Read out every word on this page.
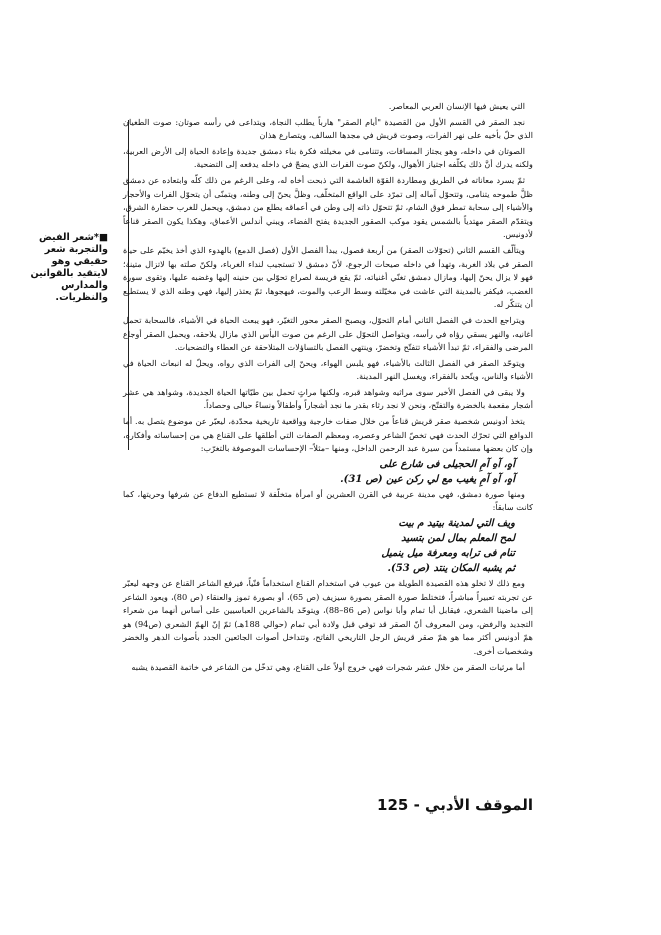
التي يعيش فيها الإنسان العربي المعاصر.

نجد الصقر في القسم الأول من القصيدة "أيام الصقر" هارباً يطلب النجاة، ويتداعى في رأسه صوتان: صوت الطغيان الذي حلّ بأخيه على نهر الفرات، وصوت قريش في مجدها السالف، ويتصارع هذان

الصوتان في داخله، وهو يجتاز المسافات، وتتنامى في مخيلته فكرة بناء دمشق جديدة وإعادة الحياة إلى الأرض العربية، ولكنه يدرك أنَّ ذلك يكلّفه اجتياز الأهوال، ولكنّ صوت الفرات الذي يضجّ في داخله يدفعه إلى التضحية.

ثمّ يسرد معاناته في الطريق ومطاردة القوّة الغاشمة التي ذبحت أخاه له، وعلى الرغم من ذلك كلّه وابتعاده عن دمشق ظلَّ طموحه يتنامى، وتتحوّل آماله إلى تمرّد على الواقع المتخلّف، وظلَّ يحنّ إلى وطنه، ويتمنّى أن يتحوّل الفرات والأحجار والأشياء إلى سحابة تمطر فوق الشام، ثمّ تتحوّل ذاته إلى وطن في أعماقه يطلع من دمشق، ويحمل للغرب حضارة الشرق، ويتقدّم الصقر مهتدياً بالشمس يقود موكب الصقور الجديدة يفتح الفضاء، ويبني أندلس الأعماق، وهكذا يكون الصقر قناعاً لأدونيس.

ويتألّف القسم الثاني (تحوّلات الصقر) من أربعة فصول، يبدأ الفصل الأول (فصل الدمع) بالهدوء الذي أخذ يخيّم على حياة الصقر في بلاد الغربة، وتهدأ في داخله صيحات الرجوع، لأنّ دمشق لا تستجيب لنداء الغرباء، ولكنّ صلته بها لاتزال متينة؛ فهو لا يزال يحنّ إليها، ومازال دمشق تغنّي أغنياته، ثمّ يقع فريسة لصراع تحوّلي بين حنينه إليها وغضبه عليها، وتقوى سورة الغضب، فيكفر بالمدينة التي عاشت في مخيّلته وسط الرعب والموت، فيهجوها، ثمّ يعتذر إليها، فهي وطنه الذي لا يستطيع أن يتنكّر له.

ويتراجع الحدث في الفصل الثاني أمام التحوّل، ويصبح الصقر محور التغيّر، فهو يبعث الحياة في الأشياء، فالسحابة تحمل أغانيه، والنهر يسقي رؤاه في رأسه، ويتواصل التحوّل على الرغم من صوت اليأس الذي مازال يلاحقه، ويحمل الصقر أوجاع المرضى والفقراء، ثمّ تبدأ الأشياء تتفتّح وتخضرّ، وينتهي الفصل بالتساؤلات المتلاحقة عن العطاء والتضحيات.

ويتوحّد الصقر في الفصل الثالث بالأشياء، فهو يلبس الهواء، ويحنّ إلى الفرات الذي رواه، ويحلّ له انبعاث الحياة في الأشياء والناس، ويتّحد بالفقراء، ويغسل النهر المدينة.

ولا يبقى في الفصل الأخير سوى مراثيه وشواهد قبره، ولكنها مراثٍ تحمل بين طيّاتها الحياة الجديدة، وشواهد هي عشر أشجار مفعمة بالخضرة والتفتّح، ونحن لا نجد رثاء بقدر ما نجد أشجاراً وأطفالاً ونساءً حبالى وحصاداً.

يتخذ أدونيس شخصية صقر قريش قناعاً من خلال صفات خارجية وواقعية تاريخية محدّدة، ليعبّر عن موضوع يتصل به. أما الدوافع التي تحرّك الحدث فهي تخصّ الشاعر وعصره، ومعظم الصفات التي أطلقها على القناع هي من إحساساته وأفكاره، وإن كان بعضها مستمداً من سيرة عبد الرحمن الداخل، ومنها –مثلاً– الإحساسات الموصوفة بالتغرّب:

آهٍ، آهِ آمِ الحجيلى فى شارع على

آهٍ، آهِ آمِ يغيب مع لي ركن عين (ص 31).

ومنها صورة دمشق، فهي مدينة عربية في القرن العشرين أو امرأة متخلّفة لا تستطيع الدفاع عن شرفها وحريتها، كما كانت سابقاً:

ويف التي لمدينة بيتيد م بيت

لمح المعلم بمال لمن بتسيد

تنام فى ترابه ومعرفة ميل ينميل

ثم يشبه المكان ينتد (ص 53).

ومع ذلك لا تخلو هذه القصيدة الطويلة من عيوب في استخدام القناع استخداماً فنّياً، فيرفع الشاعر القناع عن وجهه ليعبّر عن تجربته تعبيراً مباشراً، فتختلط صورة الصقر بصورة سيزيف (ص 65)، أو بصورة تموز والعنقاء (ص 80)، ويعود الشاعر إلى ماضينا الشعري، فيقابل أبا تمام وأبا نواس (ص 86–88)، ويتوحّد بالشاعرين العباسيين على أساس أنهما من شعراء التجديد والرفض، ومن المعروف أنّ الصقر قد توفي قبل ولادة أبي تمام (حوالي 188هـ) ثمّ إنّ الهمّ الشعري (ص94) هو همّ أدونيس أكثر مما هو همّ صقر قريش الرجل التاريخي الفاتح، وتتداخل أصوات الجائعين الجدد بأصوات الدهر والخضر وشخصيات أخرى.

أما مرثيات الصقر من خلال عشر شجرات فهي خروج أولاً على القناع، وهي تدخّل من الشاعر في خاتمة القصيدة يشبه

■*شعر الفيض والتجربة شعر حقيقي وهو لايتقيد بالقوانين والمدارس والنظريات.
الموقف الأدبي - 125
